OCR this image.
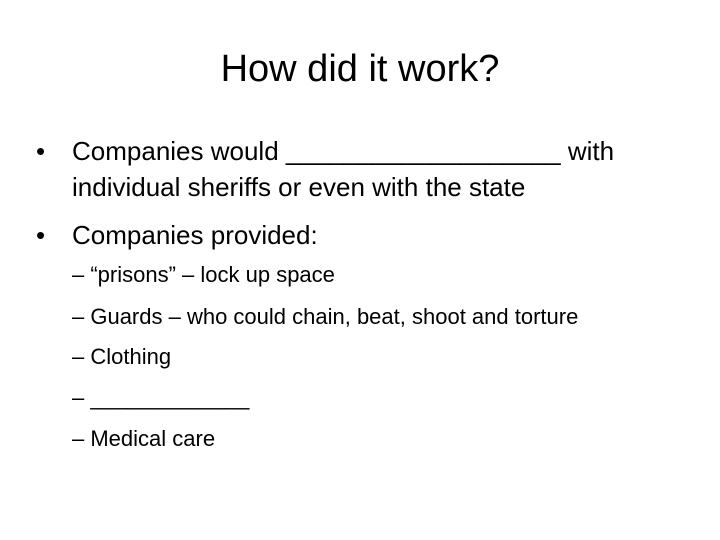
How did it work?
• Companies would ___________________ with
individual sheriffs or even with the state
• Companies provided:
– “prisons” – lock up space
– Guards – who could chain, beat, shoot and torture
– Clothing
– _____________
– Medical care
